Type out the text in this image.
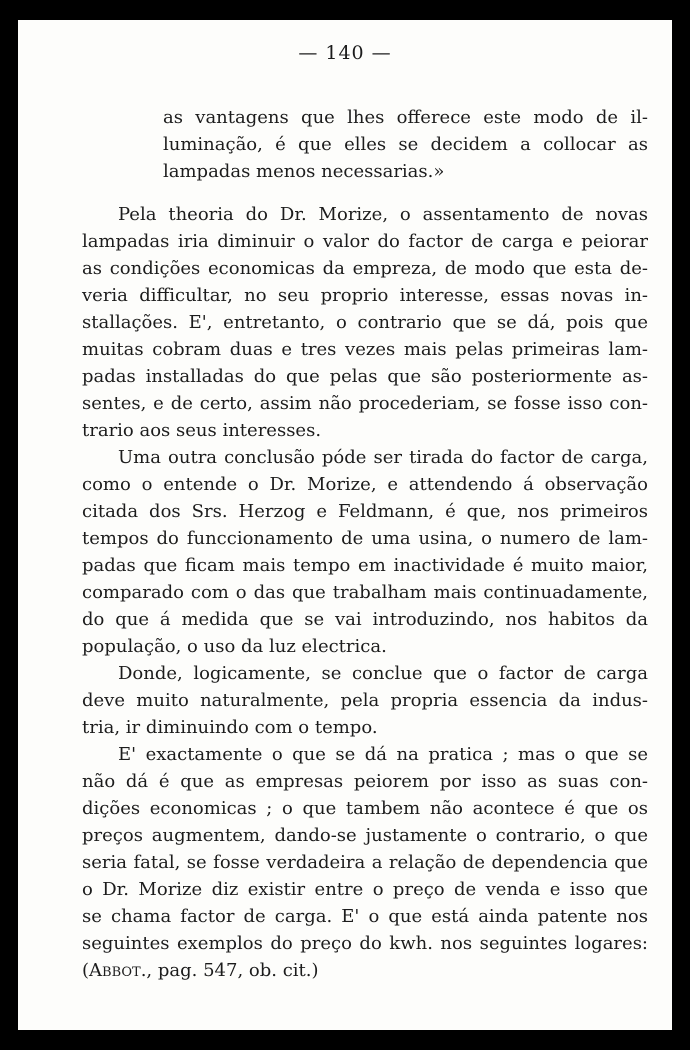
— 140 —
as vantagens que lhes offerece este modo de il-
luminação, é que elles se decidem a collocar as
lampadas menos necessarias.»
Pela theoria do Dr. Morize, o assentamento de novas
lampadas iria diminuir o valor do factor de carga e peiorar
as condições economicas da empreza, de modo que esta de-
veria difficultar, no seu proprio interesse, essas novas in-
stallações. E', entretanto, o contrario que se dá, pois que
muitas cobram duas e tres vezes mais pelas primeiras lam-
padas installadas do que pelas que são posteriormente as-
sentes, e de certo, assim não procederiam, se fosse isso con-
trario aos seus interesses.
Uma outra conclusão póde ser tirada do factor de carga,
como o entende o Dr. Morize, e attendendo á observação
citada dos Srs. Herzog e Feldmann, é que, nos primeiros
tempos do funccionamento de uma usina, o numero de lam-
padas que ficam mais tempo em inactividade é muito maior,
comparado com o das que trabalham mais continuadamente,
do que á medida que se vai introduzindo, nos habitos da
população, o uso da luz electrica.
Donde, logicamente, se conclue que o factor de carga
deve muito naturalmente, pela propria essencia da indus-
tria, ir diminuindo com o tempo.
E' exactamente o que se dá na pratica ; mas o que se
não dá é que as empresas peiorem por isso as suas con-
dições economicas ; o que tambem não acontece é que os
preços augmentem, dando-se justamente o contrario, o que
seria fatal, se fosse verdadeira a relação de dependencia que
o Dr. Morize diz existir entre o preço de venda e isso que
se chama factor de carga. E' o que está ainda patente nos
seguintes exemplos do preço do kwh. nos seguintes logares:
(Abbot., pag. 547, ob. cit.)
